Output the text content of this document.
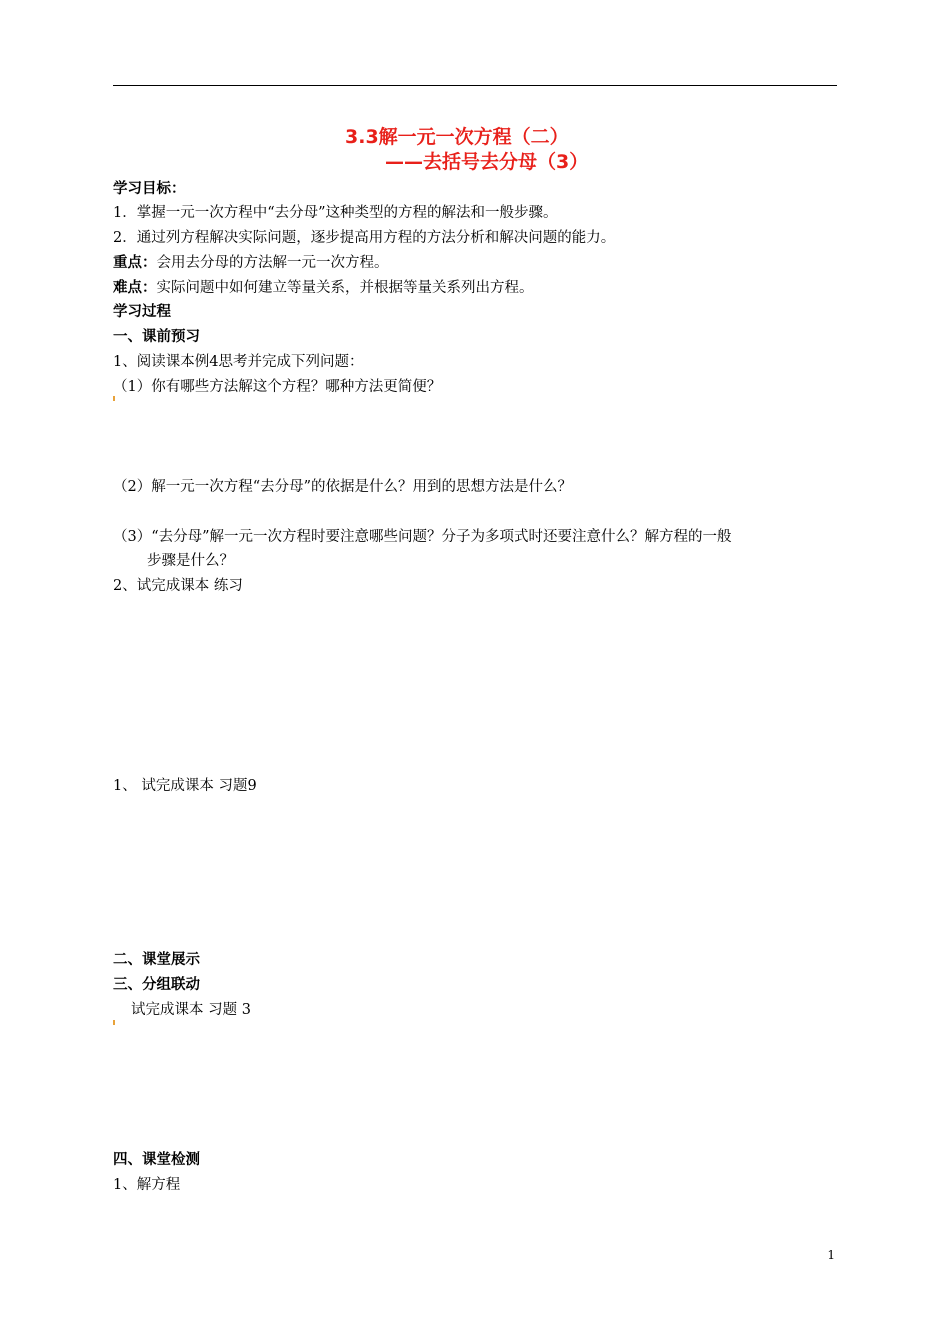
3.3解一元一次方程（二）
——去括号去分母（3）
学习目标：
1．掌握一元一次方程中“去分母”这种类型的方程的解法和一般步骤。
2．通过列方程解决实际问题，逐步提高用方程的方法分析和解决问题的能力。
重点：会用去分母的方法解一元一次方程。
难点：实际问题中如何建立等量关系，并根据等量关系列出方程。
学习过程
一、课前预习
1、阅读课本例4思考并完成下列问题：
（1）你有哪些方法解这个方程？哪种方法更简便？
（2）解一元一次方程“去分母”的依据是什么？用到的思想方法是什么？
（3）“去分母”解一元一次方程时要注意哪些问题？分子为多项式时还要注意什么？解方程的一般
步骤是什么？
2、试完成课本 练习
1、 试完成课本 习题9
二、课堂展示
三、分组联动
试完成课本 习题 3
四、课堂检测
1、解方程
1
